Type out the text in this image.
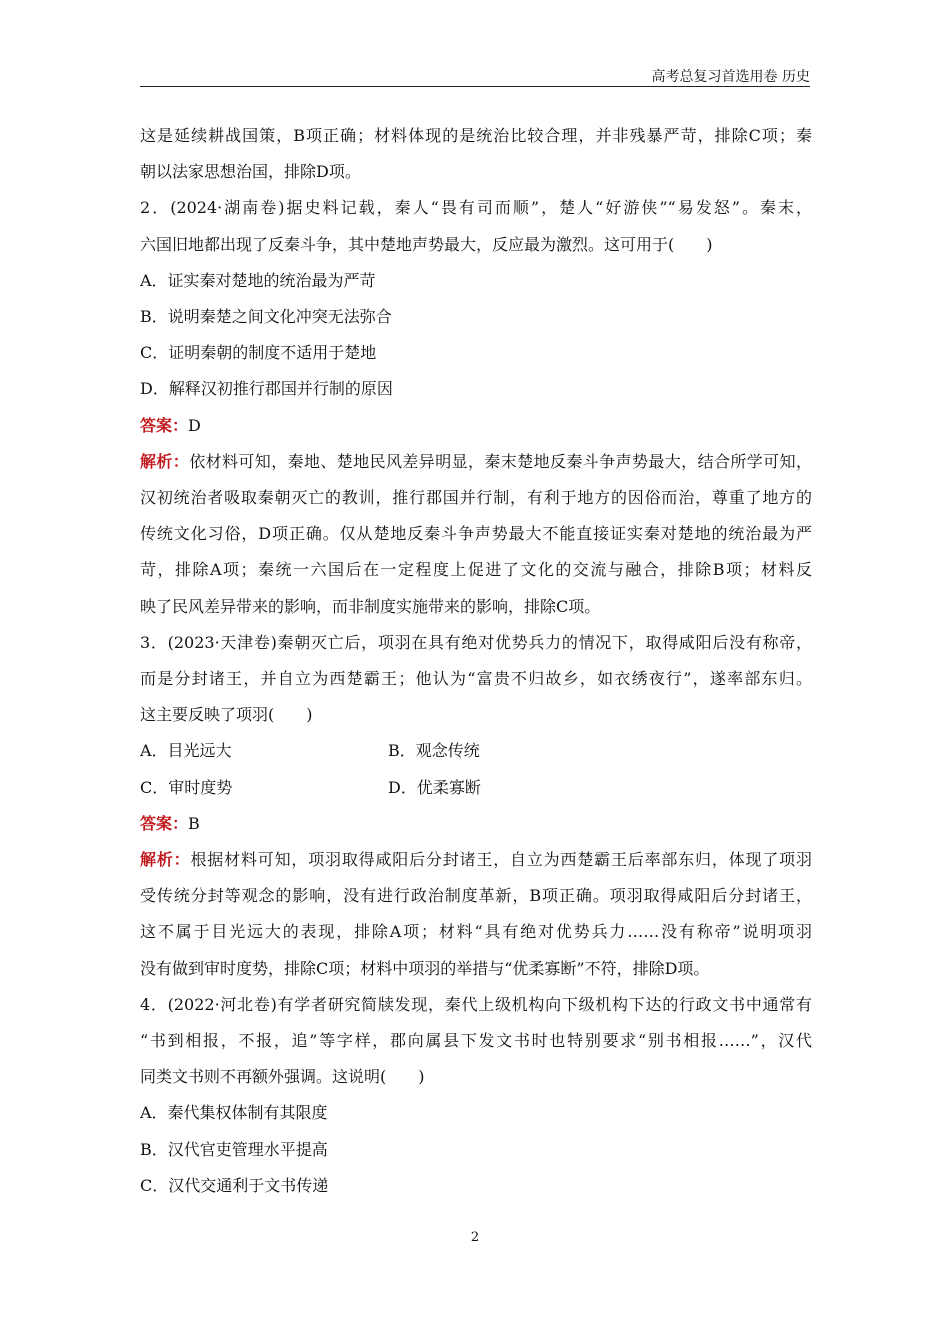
高考总复习首选用卷 历史

这是延续耕战国策，B项正确；材料体现的是统治比较合理，并非残暴严苛，排除C项；秦

朝以法家思想治国，排除D项。

2．(2024·湖南卷)据史料记载，秦人“畏有司而顺”，楚人“好游侠”“易发怒”。秦末，

六国旧地都出现了反秦斗争，其中楚地声势最大，反应最为激烈。这可用于(　　)

A．证实秦对楚地的统治最为严苛

B．说明秦楚之间文化冲突无法弥合

C．证明秦朝的制度不适用于楚地

D．解释汉初推行郡国并行制的原因

答案：D

解析：依材料可知，秦地、楚地民风差异明显，秦末楚地反秦斗争声势最大，结合所学可知，

汉初统治者吸取秦朝灭亡的教训，推行郡国并行制，有利于地方的因俗而治，尊重了地方的

传统文化习俗，D项正确。仅从楚地反秦斗争声势最大不能直接证实秦对楚地的统治最为严

苛，排除A项；秦统一六国后在一定程度上促进了文化的交流与融合，排除B项；材料反

映了民风差异带来的影响，而非制度实施带来的影响，排除C项。

3．(2023·天津卷)秦朝灭亡后，项羽在具有绝对优势兵力的情况下，取得咸阳后没有称帝，

而是分封诸王，并自立为西楚霸王；他认为“富贵不归故乡，如衣绣夜行”，遂率部东归。

这主要反映了项羽(　　)

A．目光远大	B．观念传统
C．审时度势	D．优柔寡断

答案：B

解析：根据材料可知，项羽取得咸阳后分封诸王，自立为西楚霸王后率部东归，体现了项羽

受传统分封等观念的影响，没有进行政治制度革新，B项正确。项羽取得咸阳后分封诸王，

这不属于目光远大的表现，排除A项；材料“具有绝对优势兵力……没有称帝”说明项羽

没有做到审时度势，排除C项；材料中项羽的举措与“优柔寡断”不符，排除D项。

4．(2022·河北卷)有学者研究简牍发现，秦代上级机构向下级机构下达的行政文书中通常有

“书到相报，不报，追”等字样，郡向属县下发文书时也特别要求“别书相报……”，汉代

同类文书则不再额外强调。这说明(　　)

A．秦代集权体制有其限度

B．汉代官吏管理水平提高

C．汉代交通利于文书传递

2
